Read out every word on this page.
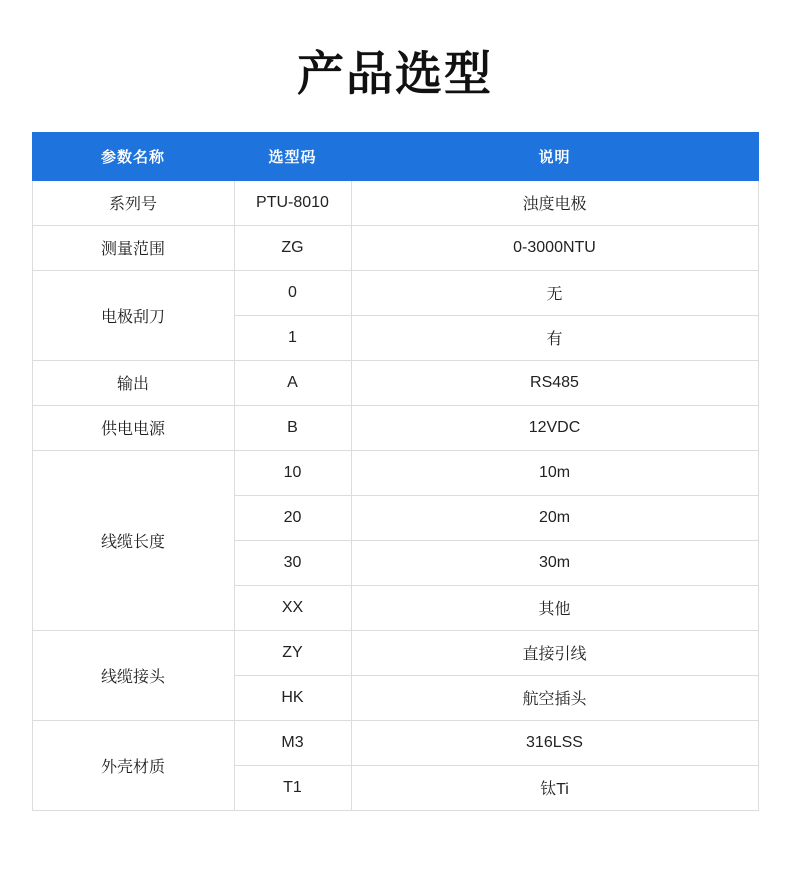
产品选型
参数名称	选型码	说明
系列号	PTU-8010	浊度电极
测量范围	ZG	0-3000NTU
电极刮刀	0	无
	1	有
输出	A	RS485
供电电源	B	12VDC
线缆长度	10	10m
	20	20m
	30	30m
	XX	其他
线缆接头	ZY	直接引线
	HK	航空插头
外壳材质	M3	316LSS
	T1	钛Ti
